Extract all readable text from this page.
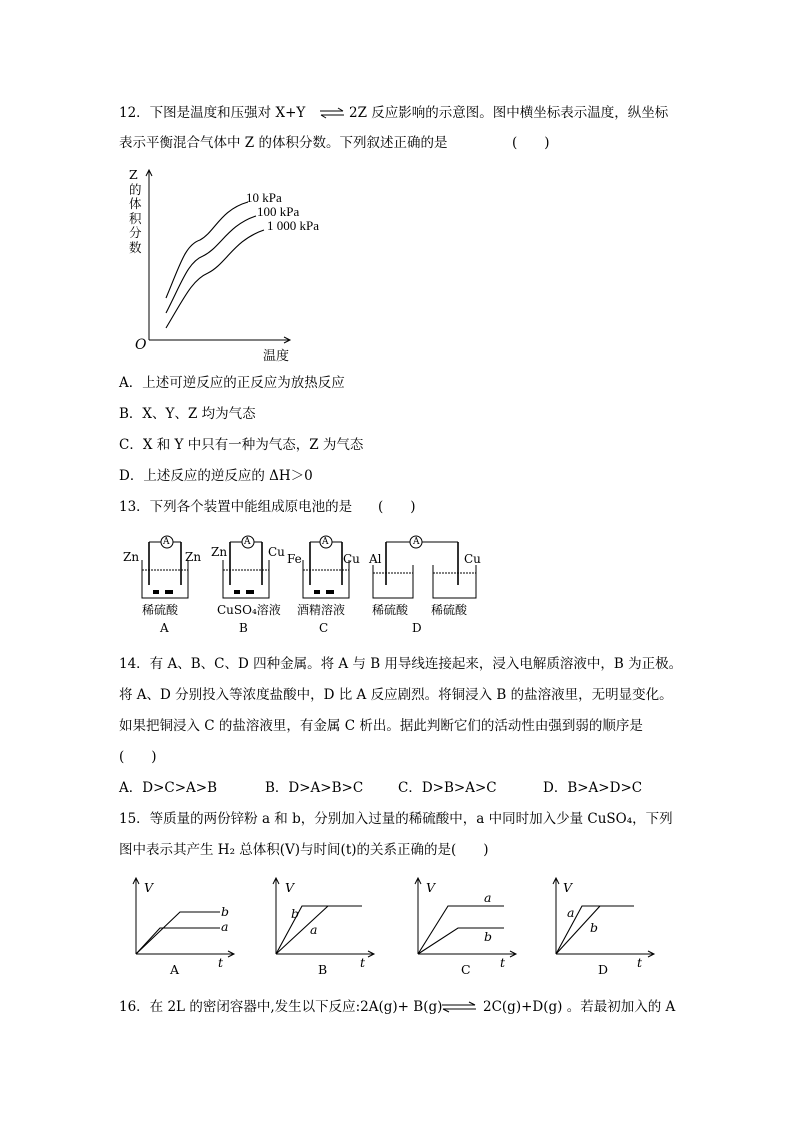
12．下图是温度和压强对 X+Y ⇌ 2Z 反应影响的示意图。图中横坐标表示温度，纵坐标
表示平衡混合气体中 Z 的体积分数。下列叙述正确的是	(　　)
Z
的
体
积
分
数
10 kPa
100 kPa
1 000 kPa
O
温度
A．上述可逆反应的正反应为放热反应
B．X、Y、Z 均为气态
C．X 和 Y 中只有一种为气态，Z 为气态
D．上述反应的逆反应的 ΔH＞0
13．下列各个装置中能组成原电池的是 (　　)
A
Zn	Zn
稀硫酸
A
A
Zn	Cu
CuSO₄溶液
B
A
Fe	Cu
酒精溶液
C
A
Al	Cu
稀硫酸 稀硫酸
D
14．有 A、B、C、D 四种金属。将 A 与 B 用导线连接起来，浸入电解质溶液中，B 为正极。
将 A、D 分别投入等浓度盐酸中，D 比 A 反应剧烈。将铜浸入 B 的盐溶液里，无明显变化。
如果把铜浸入 C 的盐溶液里，有金属 C 析出。据此判断它们的活动性由强到弱的顺序是
(　　)
A．D>C>A>B	B．D>A>B>C	C．D>B>A>C	D．B>A>D>C
15．等质量的两份锌粉 a 和 b，分别加入过量的稀硫酸中，a 中同时加入少量 CuSO₄，下列
图中表示其产生 H₂ 总体积(V)与时间(t)的关系正确的是(　　)
V
b
a
t
A
V
b
a
t
B
V
a
b
t
C
V
a
b
t
D
16．在 2L 的密闭容器中,发生以下反应:2A(g)+ B(g) ⇌ 2C(g)+D(g) 。若最初加入的 A
